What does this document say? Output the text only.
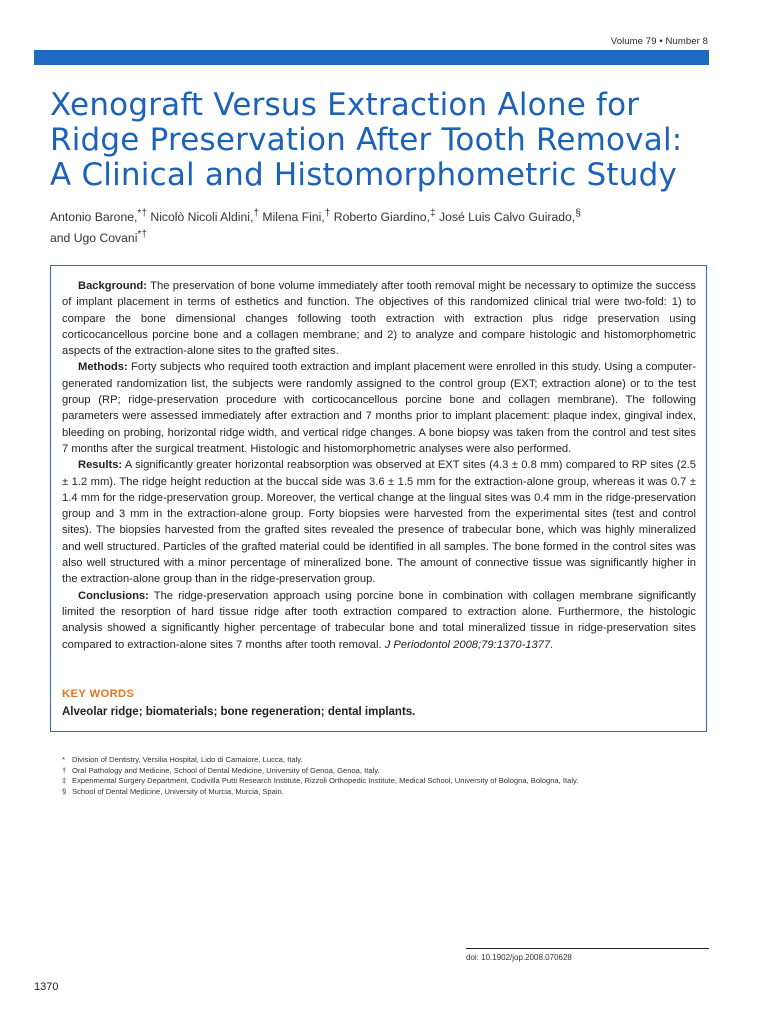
Volume 79 • Number 8
Xenograft Versus Extraction Alone for
Ridge Preservation After Tooth Removal:
A Clinical and Histomorphometric Study
Antonio Barone,*† Nicolò Nicoli Aldini,† Milena Fini,† Roberto Giardino,‡ José Luis Calvo Guirado,§
and Ugo Covani*†

Background: The preservation of bone volume immediately after tooth removal might be necessary to optimize the success of implant placement in terms of esthetics and function. The objectives of this randomized clinical trial were two-fold: 1) to compare the bone dimensional changes following tooth extraction with extraction plus ridge preservation using corticocancellous porcine bone and a collagen membrane; and 2) to analyze and compare histologic and histomorphometric aspects of the extraction-alone sites to the grafted sites.

Methods: Forty subjects who required tooth extraction and implant placement were enrolled in this study. Using a computer-generated randomization list, the subjects were randomly assigned to the control group (EXT; extraction alone) or to the test group (RP; ridge-preservation procedure with corticocancellous porcine bone and collagen membrane). The following parameters were assessed immediately after extraction and 7 months prior to implant placement: plaque index, gingival index, bleeding on probing, horizontal ridge width, and vertical ridge changes. A bone biopsy was taken from the control and test sites 7 months after the surgical treatment. Histologic and histomorphometric analyses were also performed.

Results: A significantly greater horizontal reabsorption was observed at EXT sites (4.3 ± 0.8 mm) compared to RP sites (2.5 ± 1.2 mm). The ridge height reduction at the buccal side was 3.6 ± 1.5 mm for the extraction-alone group, whereas it was 0.7 ± 1.4 mm for the ridge-preservation group. Moreover, the vertical change at the lingual sites was 0.4 mm in the ridge-preservation group and 3 mm in the extraction-alone group. Forty biopsies were harvested from the experimental sites (test and control sites). The biopsies harvested from the grafted sites revealed the presence of trabecular bone, which was highly mineralized and well structured. Particles of the grafted material could be identified in all samples. The bone formed in the control sites was also well structured with a minor percentage of mineralized bone. The amount of connective tissue was significantly higher in the extraction-alone group than in the ridge-preservation group.

Conclusions: The ridge-preservation approach using porcine bone in combination with collagen membrane significantly limited the resorption of hard tissue ridge after tooth extraction compared to extraction alone. Furthermore, the histologic analysis showed a significantly higher percentage of trabecular bone and total mineralized tissue in ridge-preservation sites compared to extraction-alone sites 7 months after tooth removal. J Periodontol 2008;79:1370-1377.

KEY WORDS
Alveolar ridge; biomaterials; bone regeneration; dental implants.
* Division of Dentistry, Versilia Hospital, Lido di Camaiore, Lucca, Italy.
† Oral Pathology and Medicine, School of Dental Medicine, University of Genoa, Genoa, Italy.
‡ Experimental Surgery Department, Codivilla Putti Research Institute, Rizzoli Orthopedic Institute, Medical School, University of Bologna, Bologna, Italy.
§ School of Dental Medicine, University of Murcia, Murcia, Spain.
doi: 10.1902/jop.2008.070628
1370
